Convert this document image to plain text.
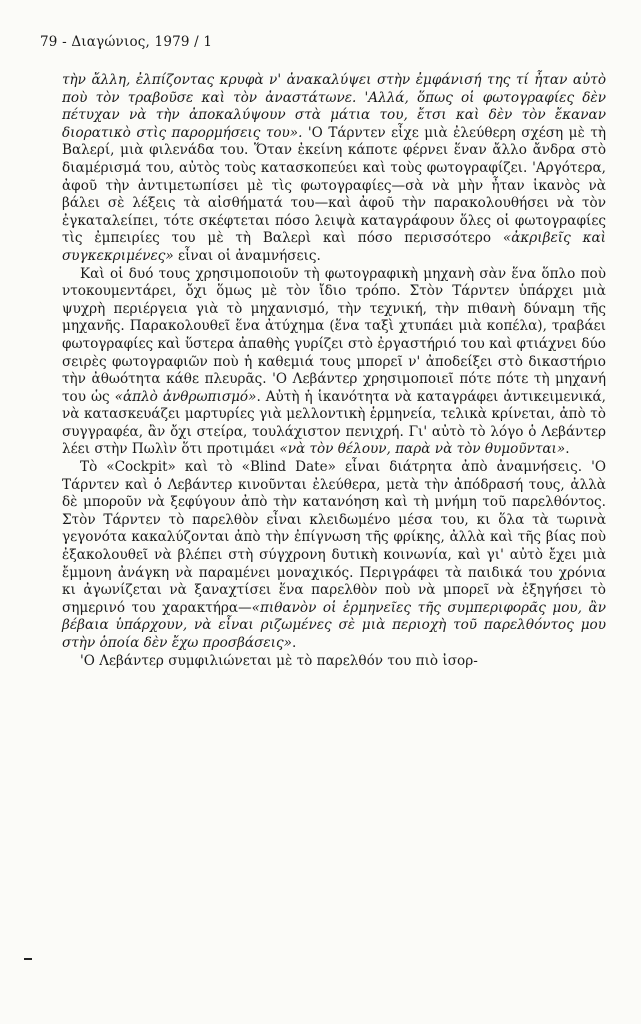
79 - Διαγώνιος, 1979 / 1

τὴν ἄλλη, ἐλπίζοντας κρυφὰ ν' ἀνακαλύψει στὴν ἐμφάνισή της τί ἦταν αὐτὸ ποὺ τὸν τραβοῦσε καὶ τὸν ἀναστάτωνε. 'Αλλά, ὅπως οἱ φωτογραφίες δὲν πέτυχαν νὰ τὴν ἀποκαλύψουν στὰ μάτια του, ἔτσι καὶ δὲν τὸν ἔκαναν διορατικὸ στὶς παρορμήσεις του». 'Ο Τάρντεν εἶχε μιὰ ἐλεύθερη σχέση μὲ τὴ Βαλερί, μιὰ φιλενάδα του. Ὅταν ἐκείνη κάποτε φέρνει ἕναν ἄλλο ἄνδρα στὸ διαμέρισμά του, αὐτὸς τοὺς κατασκοπεύει καὶ τοὺς φωτογραφίζει. 'Αργότερα, ἀφοῦ τὴν ἀντιμετωπίσει μὲ τὶς φωτογραφίες—σὰ νὰ μὴν ἦταν ἱκανὸς νὰ βάλει σὲ λέξεις τὰ αἰσθήματά του—καὶ ἀφοῦ τὴν παρακολουθήσει νὰ τὸν ἐγκαταλείπει, τότε σκέφτεται πόσο λειψὰ καταγράφουν ὅλες οἱ φωτογραφίες τὶς ἐμπειρίες του μὲ τὴ Βαλερὶ καὶ πόσο περισσότερο «ἀκριβεῖς καὶ συγκεκριμένες» εἶναι οἱ ἀναμνήσεις.

Καὶ οἱ δυό τους χρησιμοποιοῦν τὴ φωτογραφικὴ μηχανὴ σὰν ἕνα ὅπλο ποὺ ντοκουμεντάρει, ὄχι ὅμως μὲ τὸν ἴδιο τρόπο. Στὸν Τάρντεν ὑπάρχει μιὰ ψυχρὴ περιέργεια γιὰ τὸ μηχανισμό, τὴν τεχνική, τὴν πιθανὴ δύναμη τῆς μηχανῆς. Παρακολουθεῖ ἕνα ἀτύχημα (ἕνα ταξὶ χτυπάει μιὰ κοπέλα), τραβάει φωτογραφίες καὶ ὕστερα ἀπαθὴς γυρίζει στὸ ἐργαστήριό του καὶ φτιάχνει δύο σειρὲς φωτογραφιῶν ποὺ ἡ καθεμιά τους μπορεῖ ν' ἀποδείξει στὸ δικαστήριο τὴν ἀθωότητα κάθε πλευρᾶς. 'Ο Λεβάντερ χρησιμοποιεῖ πότε πότε τὴ μηχανή του ὡς «ἁπλὸ ἀνθρωπισμό». Αὐτὴ ἡ ἱκανότητα νὰ καταγράφει ἀντικειμενικά, νὰ κατασκευάζει μαρτυρίες γιὰ μελλοντικὴ ἑρμηνεία, τελικὰ κρίνεται, ἀπὸ τὸ συγγραφέα, ἂν ὄχι στείρα, τουλάχιστον πενιχρή. Γι' αὐτὸ τὸ λόγο ὁ Λεβάντερ λέει στὴν Πωλὶν ὅτι προτιμάει «νὰ τὸν θέλουν, παρὰ νὰ τὸν θυμοῦνται».

Τὸ «Cockpit» καὶ τὸ «Blind Date» εἶναι διάτρητα ἀπὸ ἀναμνήσεις. 'Ο Τάρντεν καὶ ὁ Λεβάντερ κινοῦνται ἐλεύθερα, μετὰ τὴν ἀπόδρασή τους, ἀλλὰ δὲ μποροῦν νὰ ξεφύγουν ἀπὸ τὴν κατανόηση καὶ τὴ μνήμη τοῦ παρελθόντος. Στὸν Τάρντεν τὸ παρελθὸν εἶναι κλειδωμένο μέσα του, κι ὅλα τὰ τωρινὰ γεγονότα κακαλύζονται ἀπὸ τὴν ἐπίγνωση τῆς φρίκης, ἀλλὰ καὶ τῆς βίας ποὺ ἐξακολουθεῖ νὰ βλέπει στὴ σύγχρονη δυτικὴ κοινωνία, καὶ γι' αὐτὸ ἔχει μιὰ ἔμμονη ἀνάγκη νὰ παραμένει μοναχικός. Περιγράφει τὰ παιδικά του χρόνια κι ἀγωνίζεται νὰ ξαναχτίσει ἕνα παρελθὸν ποὺ νὰ μπορεῖ νὰ ἐξηγήσει τὸ σημερινό του χαρακτήρα—«πιθανὸν οἱ ἑρμηνεῖες τῆς συμπεριφορᾶς μου, ἂν βέβαια ὑπάρχουν, νὰ εἶναι ριζωμένες σὲ μιὰ περιοχὴ τοῦ παρελθόντος μου στὴν ὁποία δὲν ἔχω προσβάσεις».

'Ο Λεβάντερ συμφιλιώνεται μὲ τὸ παρελθόν του πιὸ ἰσορ-
